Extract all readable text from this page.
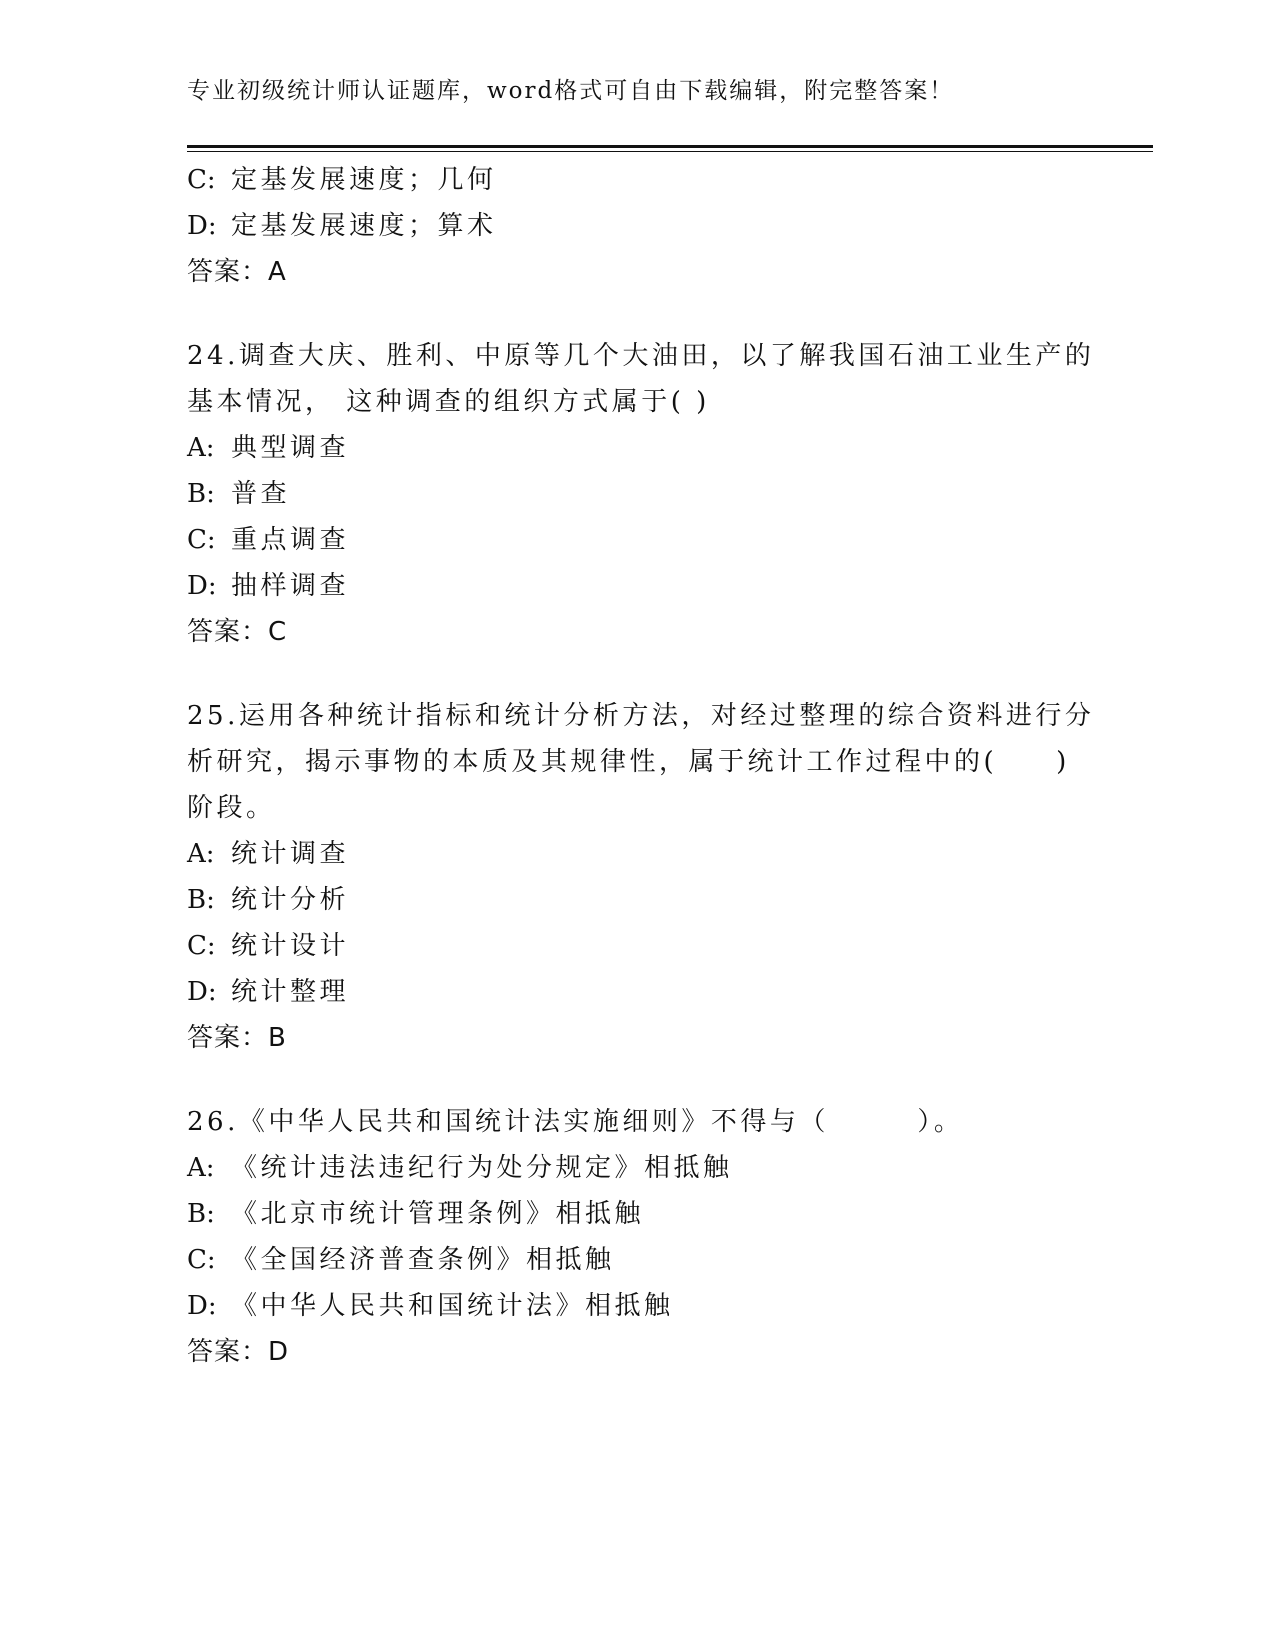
专业初级统计师认证题库，word格式可自由下载编辑，附完整答案！
C: 定基发展速度；几何
D: 定基发展速度；算术
答案：A
24.调查大庆、胜利、中原等几个大油田，以了解我国石油工业生产的
基本情况， 这种调查的组织方式属于( )
A: 典型调查
B: 普查
C: 重点调查
D: 抽样调查
答案：C
25.运用各种统计指标和统计分析方法，对经过整理的综合资料进行分
析研究，揭示事物的本质及其规律性，属于统计工作过程中的(　　)
阶段。
A: 统计调查
B: 统计分析
C: 统计设计
D: 统计整理
答案：B
26.《中华人民共和国统计法实施细则》不得与（　　　）。
A: 《统计违法违纪行为处分规定》相抵触
B: 《北京市统计管理条例》相抵触
C: 《全国经济普查条例》相抵触
D: 《中华人民共和国统计法》相抵触
答案：D
